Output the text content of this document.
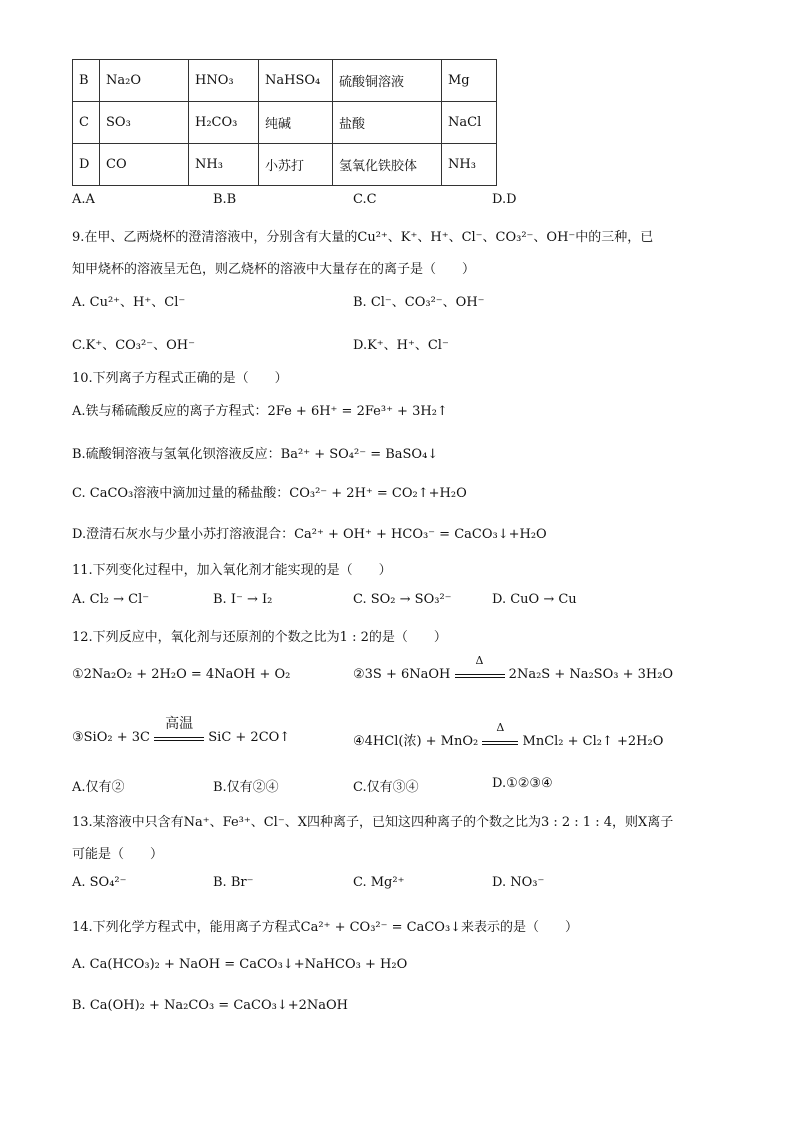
B	Na₂O	HNO₃	NaHSO₄	硫酸铜溶液	Mg
C	SO₃	H₂CO₃	纯碱	盐酸	NaCl
D	CO	NH₃	小苏打	氢氧化铁胶体	NH₃
A.A	B.B	C.C	D.D
9.在甲、乙两烧杯的澄清溶液中，分别含有大量的Cu²⁺、K⁺、H⁺、Cl⁻、CO₃²⁻、OH⁻中的三种，已
知甲烧杯的溶液呈无色，则乙烧杯的溶液中大量存在的离子是（　　）
A. Cu²⁺、H⁺、Cl⁻	B. Cl⁻、CO₃²⁻、OH⁻
C.K⁺、CO₃²⁻、OH⁻	D.K⁺、H⁺、Cl⁻
10.下列离子方程式正确的是（　　）
A.铁与稀硫酸反应的离子方程式：2Fe + 6H⁺ = 2Fe³⁺ + 3H₂↑
B.硫酸铜溶液与氢氧化钡溶液反应：Ba²⁺ + SO₄²⁻ = BaSO₄↓
C. CaCO₃溶液中滴加过量的稀盐酸：CO₃²⁻ + 2H⁺ = CO₂↑+H₂O
D.澄清石灰水与少量小苏打溶液混合：Ca²⁺ + OH⁺ + HCO₃⁻ = CaCO₃↓+H₂O
11.下列变化过程中，加入氧化剂才能实现的是（　　）
A. Cl₂ → Cl⁻	B. I⁻ → I₂	C. SO₂ → SO₃²⁻	D. CuO → Cu
12.下列反应中，氧化剂与还原剂的个数之比为1 : 2的是（　　）
①2Na₂O₂ + 2H₂O = 4NaOH + O₂	②3S + 6NaOH
Δ
2Na₂S + Na₂SO₃ + 3H₂O
③SiO₂ + 3C
高温
SiC + 2CO↑	④4HCl(浓) + MnO₂
Δ
MnCl₂ + Cl₂↑ +2H₂O
A.仅有②	B.仅有②④	C.仅有③④	D.①②③④
13.某溶液中只含有Na⁺、Fe³⁺、Cl⁻、X四种离子，已知这四种离子的个数之比为3 : 2 : 1 : 4，则X离子
可能是（　　）
A. SO₄²⁻	B. Br⁻	C. Mg²⁺	D. NO₃⁻
14.下列化学方程式中，能用离子方程式Ca²⁺ + CO₃²⁻ = CaCO₃↓来表示的是（　　）
A. Ca(HCO₃)₂ + NaOH = CaCO₃↓+NaHCO₃ + H₂O
B. Ca(OH)₂ + Na₂CO₃ = CaCO₃↓+2NaOH
